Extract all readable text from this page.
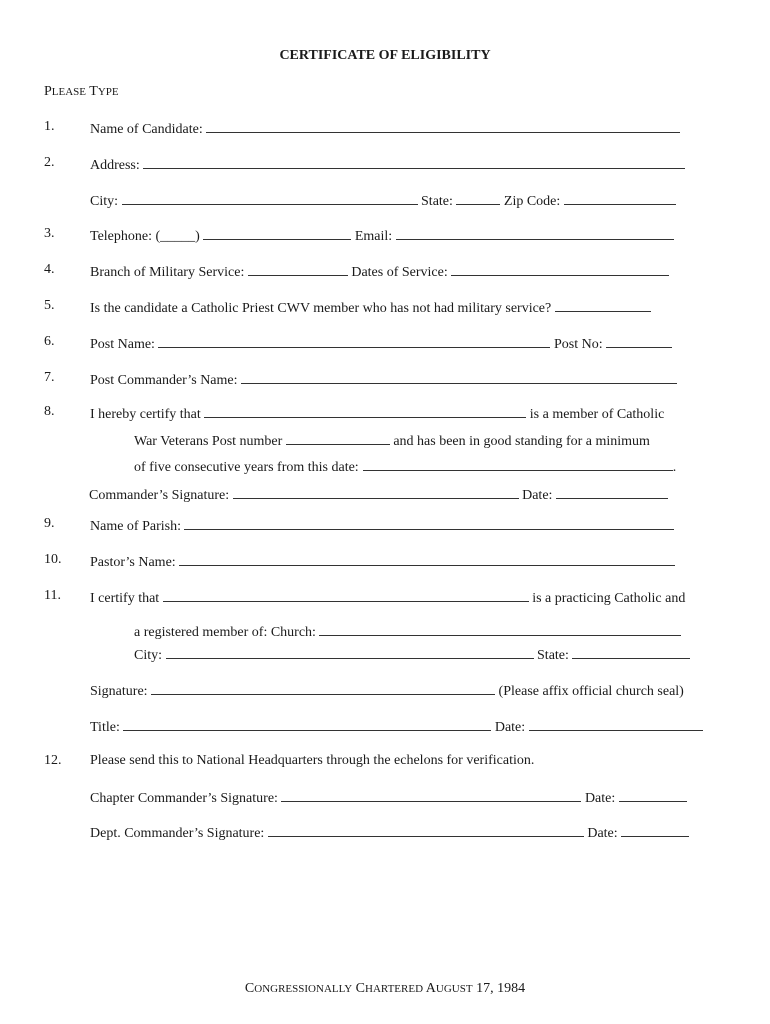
CERTIFICATE OF ELIGIBILITY
PLEASE TYPE
1.	Name of Candidate:
2.	Address:
City:	State:	Zip Code:
3.	Telephone: (_____)	Email:
4.	Branch of Military Service:	Dates of Service:
5.	Is the candidate a Catholic Priest CWV member who has not had military service?
6.	Post Name:	Post No:
7.	Post Commander’s Name:
8.	I hereby certify that	is a member of Catholic
War Veterans Post number	and has been in good standing for a minimum
of five consecutive years from this date:	.
Commander’s Signature:	Date:
9.	Name of Parish:
10. Pastor’s Name:
11. I certify that	is a practicing Catholic and
a registered member of: Church:
City:	State:
Signature:	(Please affix official church seal)
Title:	Date:
12. Please send this to National Headquarters through the echelons for verification.
Chapter Commander’s Signature:	Date:
Dept. Commander’s Signature:	Date:
CONGRESSIONALLY CHARTERED AUGUST 17, 1984
